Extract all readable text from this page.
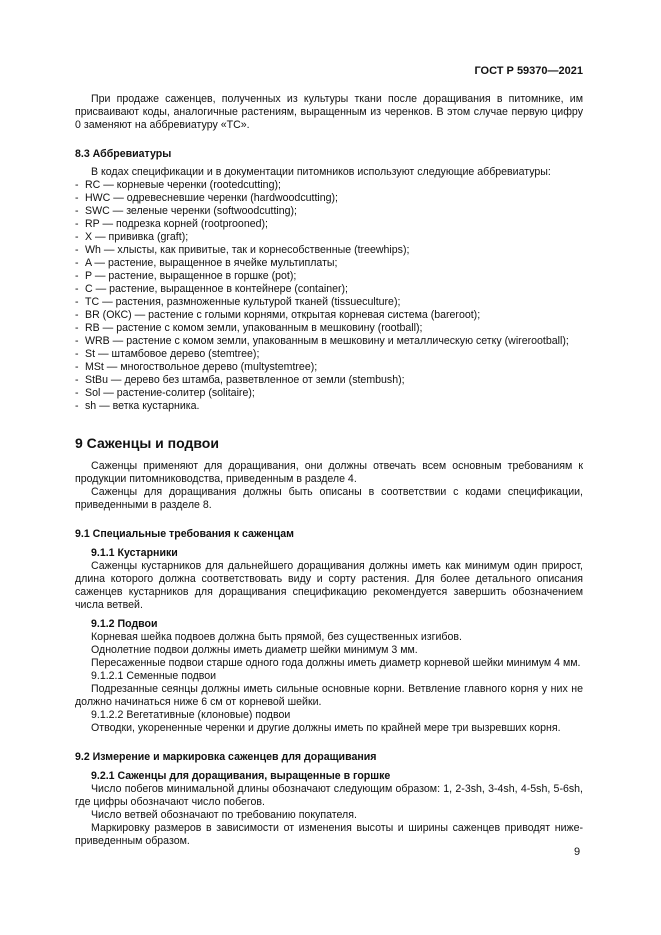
ГОСТ Р 59370—2021

При продаже саженцев, полученных из культуры ткани после доращивания в питомнике, им присваивают коды, аналогичные растениям, выращенным из черенков. В этом случае первую цифру 0 заменяют на аббревиатуру «ТС».

8.3 Аббревиатуры

В кодах спецификации и в документации питомников используют следующие аббревиатуры:

- RC — корневые черенки (rootedcutting);
- HWC — одревесневшие черенки (hardwoodcutting);
- SWC — зеленые черенки (softwoodcutting);
- RP — подрезка корней (rootprooned);
- X — прививка (graft);
- Wh — хлысты, как привитые, так и корнесобственные (treewhips);
- A — растение, выращенное в ячейке мультиплаты;
- P — растение, выращенное в горшке (pot);
- C — растение, выращенное в контейнере (container);
- TC — растения, размноженные культурой тканей (tissueculture);
- BR (ОКС) — растение с голыми корнями, открытая корневая система (bareroot);
- RB — растение с комом земли, упакованным в мешковину (rootball);
- WRB — растение с комом земли, упакованным в мешковину и металлическую сетку (wirerootball);
- St — штамбовое дерево (stemtree);
- MSt — многоствольное дерево (multystemtree);
- StBu — дерево без штамба, разветвленное от земли (stembush);
- Sol — растение-солитер (solitaire);
- sh — ветка кустарника.
9 Саженцы и подвои

Саженцы применяют для доращивания, они должны отвечать всем основным требованиям к продукции питомниководства, приведенным в разделе 4.

Саженцы для доращивания должны быть описаны в соответствии с кодами спецификации, приведенными в разделе 8.

9.1 Специальные требования к саженцам
9.1.1 Кустарники

Саженцы кустарников для дальнейшего доращивания должны иметь как минимум один прирост, длина которого должна соответствовать виду и сорту растения. Для более детального описания саженцев кустарников для доращивания спецификацию рекомендуется завершить обозначением числа ветвей.

9.1.2 Подвои

Корневая шейка подвоев должна быть прямой, без существенных изгибов.

Однолетние подвои должны иметь диаметр шейки минимум 3 мм.

Пересаженные подвои старше одного года должны иметь диаметр корневой шейки минимум 4 мм.

9.1.2.1 Семенные подвои

Подрезанные сеянцы должны иметь сильные основные корни. Ветвление главного корня у них не должно начинаться ниже 6 см от корневой шейки.

9.1.2.2 Вегетативные (клоновые) подвои

Отводки, укорененные черенки и другие должны иметь по крайней мере три вызревших корня.

9.2 Измерение и маркировка саженцев для доращивания
9.2.1 Саженцы для доращивания, выращенные в горшке

Число побегов минимальной длины обозначают следующим образом: 1, 2-3sh, 3-4sh, 4-5sh, 5-6sh, где цифры обозначают число побегов.

Число ветвей обозначают по требованию покупателя.

Маркировку размеров в зависимости от изменения высоты и ширины саженцев приводят ниже-приведенным образом.

9
